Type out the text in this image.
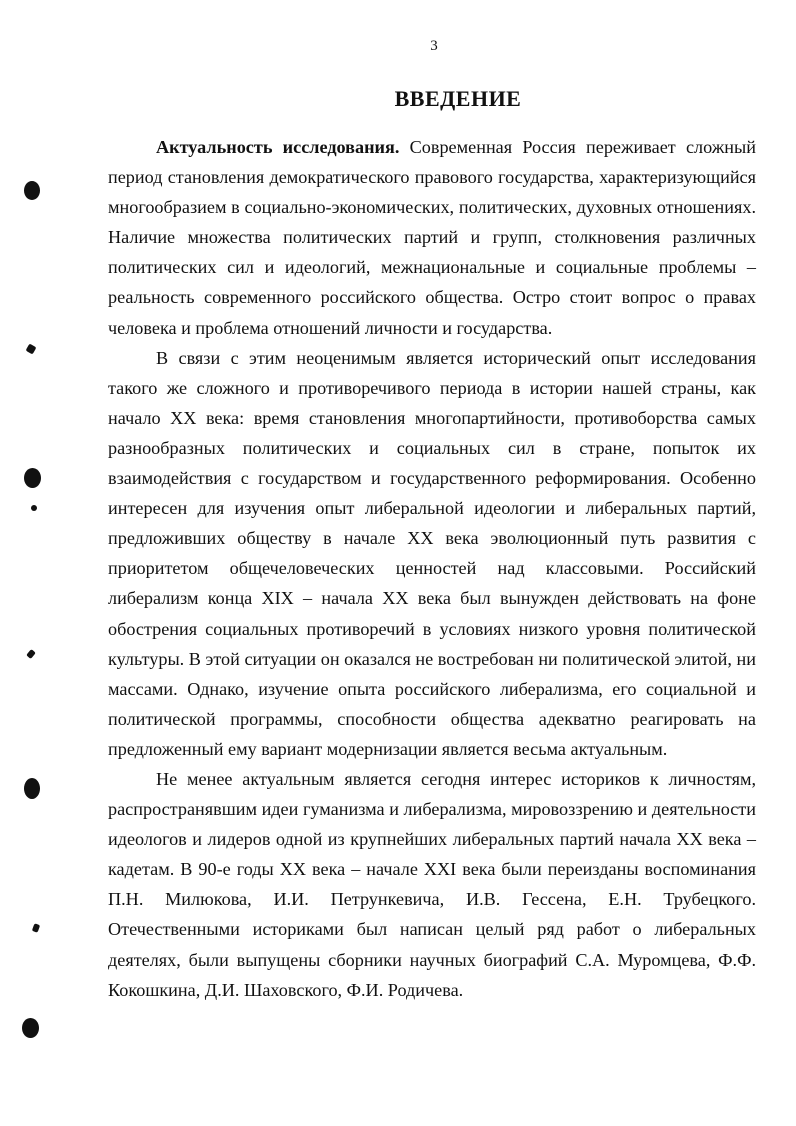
3
ВВЕДЕНИЕ

Актуальность исследования. Современная Россия переживает сложный период становления демократического правового государства, характеризующийся многообразием в социально-экономических, политических, духовных отношениях. Наличие множества политических партий и групп, столкновения различных политических сил и идеологий, межнациональные и социальные проблемы – реальность современного российского общества. Остро стоит вопрос о правах человека и проблема отношений личности и государства.

В связи с этим неоценимым является исторический опыт исследования такого же сложного и противоречивого периода в истории нашей страны, как начало XX века: время становления многопартийности, противоборства самых разнообразных политических и социальных сил в стране, попыток их взаимодействия с государством и государственного реформирования. Особенно интересен для изучения опыт либеральной идеологии и либеральных партий, предложивших обществу в начале XX века эволюционный путь развития с приоритетом общечеловеческих ценностей над классовыми. Российский либерализм конца XIX – начала XX века был вынужден действовать на фоне обострения социальных противоречий в условиях низкого уровня политической культуры. В этой ситуации он оказался не востребован ни политической элитой, ни массами. Однако, изучение опыта российского либерализма, его социальной и политической программы, способности общества адекватно реагировать на предложенный ему вариант модернизации является весьма актуальным.

Не менее актуальным является сегодня интерес историков к личностям, распространявшим идеи гуманизма и либерализма, мировоззрению и деятельности идеологов и лидеров одной из крупнейших либеральных партий начала XX века – кадетам. В 90-е годы XX века – начале XXI века были переизданы воспоминания П.Н. Милюкова, И.И. Петрункевича, И.В. Гессена, Е.Н. Трубецкого. Отечественными историками был написан целый ряд работ о либеральных деятелях, были выпущены сборники научных биографий С.А. Муромцева, Ф.Ф. Кокошкина, Д.И. Шаховского, Ф.И. Родичева.
